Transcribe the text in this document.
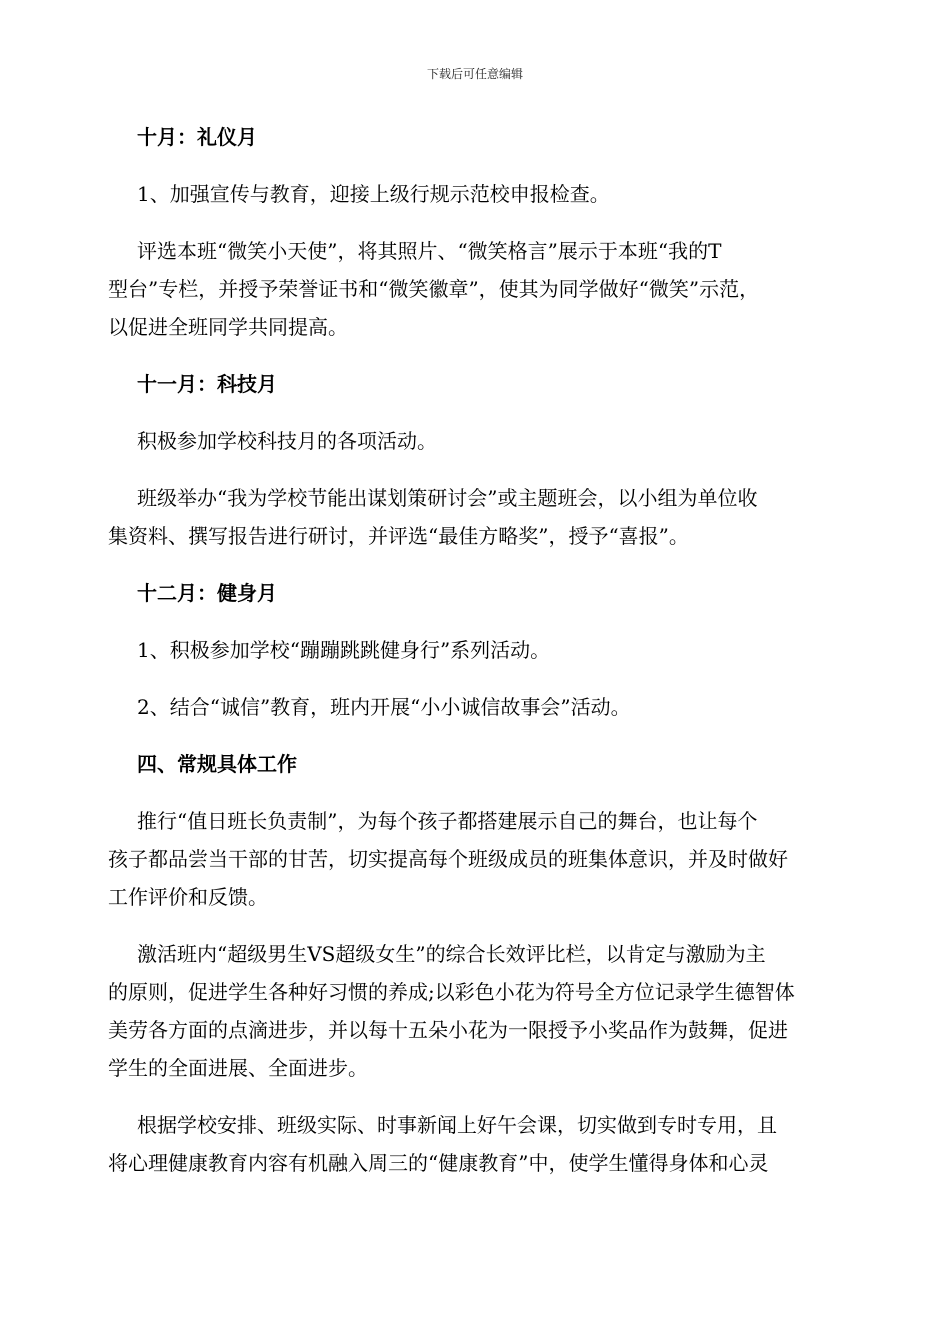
下载后可任意编辑
十月：礼仪月
1、加强宣传与教育，迎接上级行规示范校申报检查。
评选本班“微笑小天使”，将其照片、“微笑格言”展示于本班“我的T
型台”专栏，并授予荣誉证书和“微笑徽章”，使其为同学做好“微笑”示范，
以促进全班同学共同提高。
十一月：科技月
积极参加学校科技月的各项活动。
班级举办“我为学校节能出谋划策研讨会”或主题班会，以小组为单位收
集资料、撰写报告进行研讨，并评选“最佳方略奖”，授予“喜报”。
十二月：健身月
1、积极参加学校“蹦蹦跳跳健身行”系列活动。
2、结合“诚信”教育，班内开展“小小诚信故事会”活动。
四、常规具体工作
推行“值日班长负责制”，为每个孩子都搭建展示自己的舞台，也让每个
孩子都品尝当干部的甘苦，切实提高每个班级成员的班集体意识，并及时做好
工作评价和反馈。
激活班内“超级男生VS超级女生”的综合长效评比栏，以肯定与激励为主
的原则，促进学生各种好习惯的养成;以彩色小花为符号全方位记录学生德智体
美劳各方面的点滴进步，并以每十五朵小花为一限授予小奖品作为鼓舞，促进
学生的全面进展、全面进步。
根据学校安排、班级实际、时事新闻上好午会课，切实做到专时专用，且
将心理健康教育内容有机融入周三的“健康教育”中，使学生懂得身体和心灵
